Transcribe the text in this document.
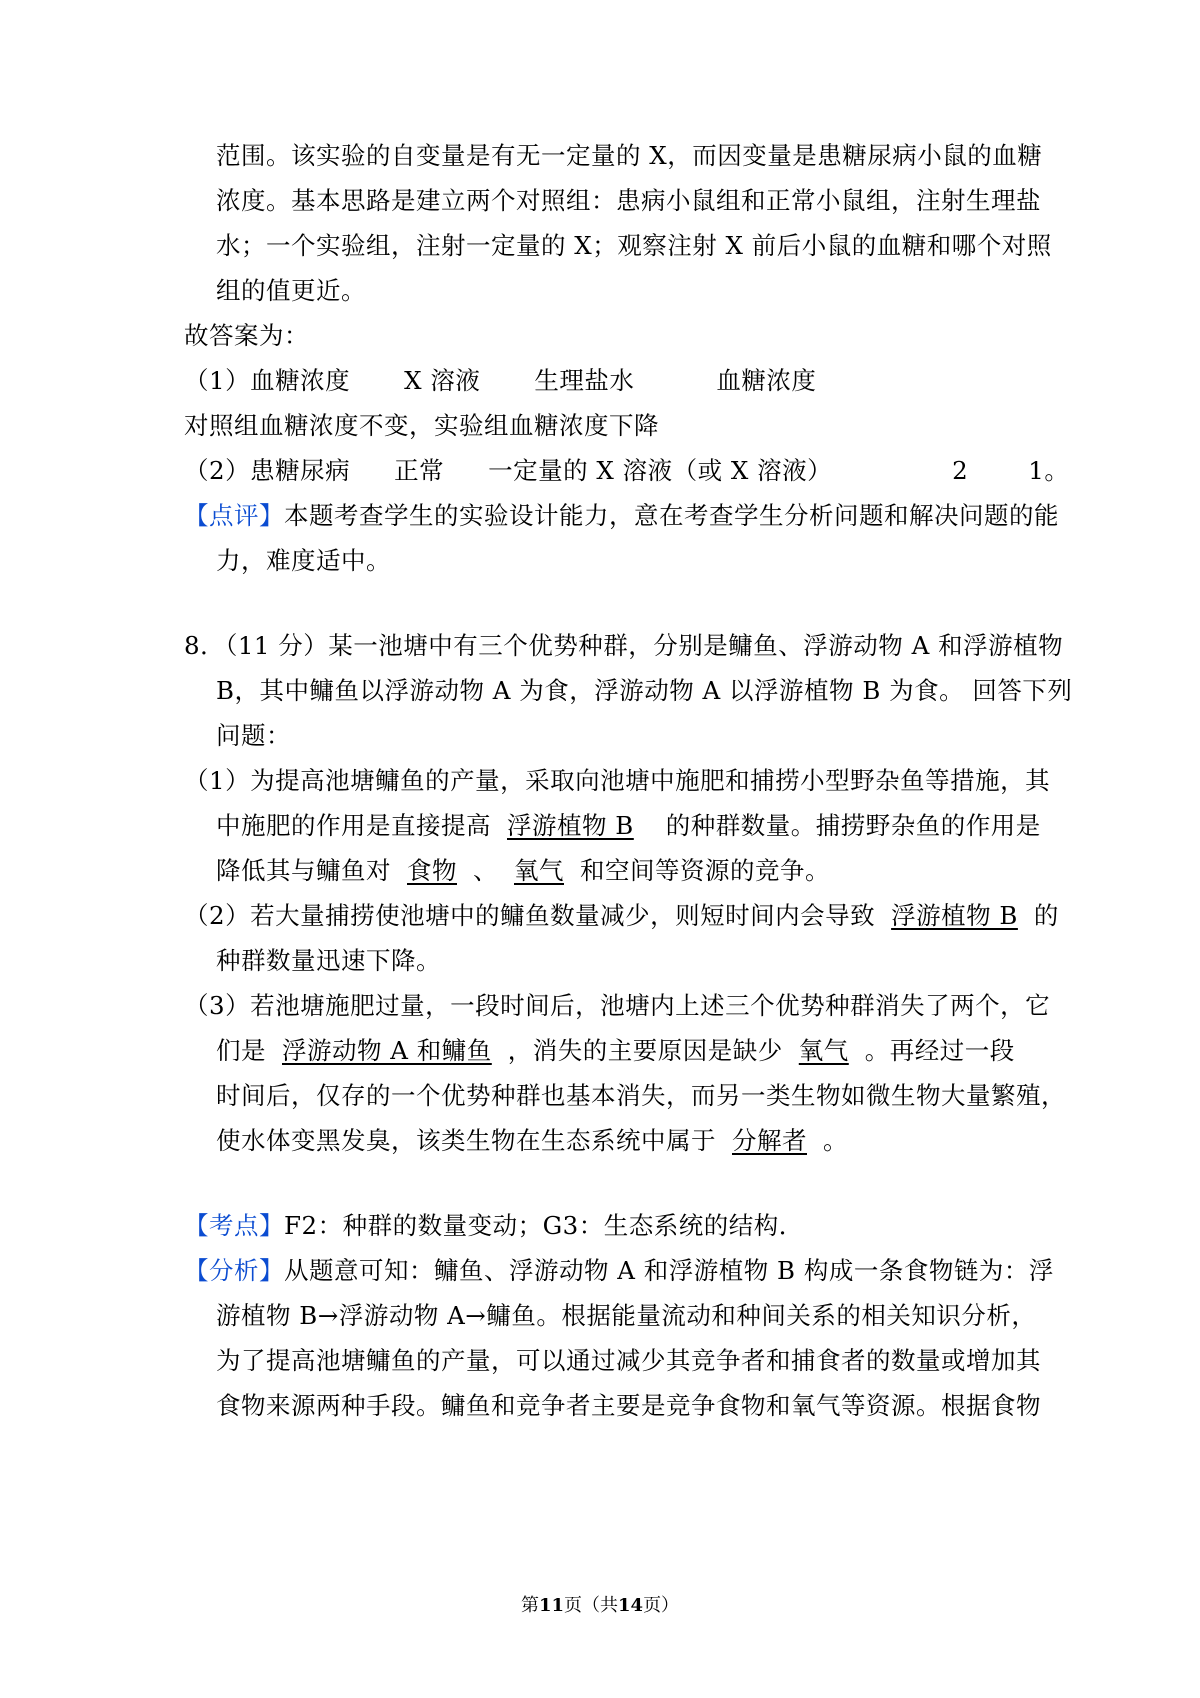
范围。该实验的自变量是有无一定量的 X，而因变量是患糖尿病小鼠的血糖
浓度。基本思路是建立两个对照组：患病小鼠组和正常小鼠组，注射生理盐
水；一个实验组，注射一定量的 X；观察注射 X 前后小鼠的血糖和哪个对照
组的值更近。
故答案为：
（1）血糖浓度 X 溶液 生理盐水	血糖浓度
对照组血糖浓度不变，实验组血糖浓度下降
（2）患糖尿病 正常 一定量的 X 溶液（或 X 溶液）	2 1。
【点评】本题考查学生的实验设计能力，意在考查学生分析问题和解决问题的能
力，难度适中。
8．（11 分）某一池塘中有三个优势种群，分别是鳙鱼、浮游动物 A 和浮游植物
B，其中鳙鱼以浮游动物 A 为食，浮游动物 A 以浮游植物 B 为食。 回答下列
问题：
（1）为提高池塘鳙鱼的产量，采取向池塘中施肥和捕捞小型野杂鱼等措施，其
中施肥的作用是直接提高 浮游植物 B 的种群数量。捕捞野杂鱼的作用是
降低其与鳙鱼对 食物 、 氧气 和空间等资源的竞争。
（2）若大量捕捞使池塘中的鳙鱼数量减少，则短时间内会导致 浮游植物 B 的
种群数量迅速下降。
（3）若池塘施肥过量，一段时间后，池塘内上述三个优势种群消失了两个，它
们是 浮游动物 A 和鳙鱼 ，消失的主要原因是缺少 氧气 。再经过一段
时间后，仅存的一个优势种群也基本消失，而另一类生物如微生物大量繁殖，
使水体变黑发臭，该类生物在生态系统中属于 分解者 。
【考点】F2：种群的数量变动；G3：生态系统的结构．
【分析】从题意可知：鳙鱼、浮游动物 A 和浮游植物 B 构成一条食物链为：浮
游植物 B→浮游动物 A→鳙鱼。根据能量流动和种间关系的相关知识分析，
为了提高池塘鳙鱼的产量，可以通过减少其竞争者和捕食者的数量或增加其
食物来源两种手段。鳙鱼和竞争者主要是竞争食物和氧气等资源。根据食物
第11页（共14页）
